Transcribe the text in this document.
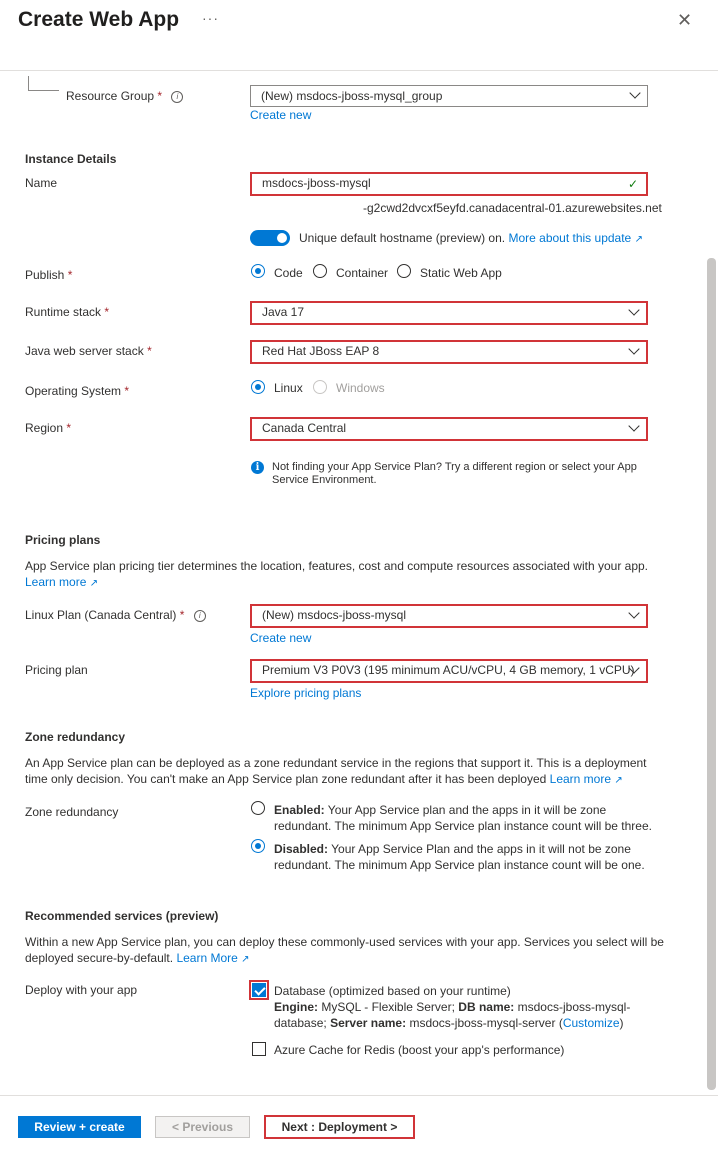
Create Web App ···	✕
Resource Group * i	(New) msdocs-jboss-mysql_group
Create new
Instance Details
Name	msdocs-jboss-mysql	✓
-g2cwd2dvcxf5eyfd.canadacentral-01.azurewebsites.net
Unique default hostname (preview) on. More about this update ↗
Publish *	Code	Container	Static Web App
Runtime stack *	Java 17
Java web server stack *	Red Hat JBoss EAP 8
Operating System *	Linux	Windows
Region *	Canada Central
i	Not finding your App Service Plan? Try a different region or select your App
Service Environment.
Pricing plans
App Service plan pricing tier determines the location, features, cost and compute resources associated with your app.
Learn more ↗
Linux Plan (Canada Central) * i	(New) msdocs-jboss-mysql
Create new
Pricing plan	Premium V3 P0V3 (195 minimum ACU/vCPU, 4 GB memory, 1 vCPU)
Explore pricing plans
Zone redundancy
An App Service plan can be deployed as a zone redundant service in the regions that support it. This is a deployment
time only decision. You can't make an App Service plan zone redundant after it has been deployed Learn more ↗
Zone redundancy	Enabled: Your App Service plan and the apps in it will be zone
redundant. The minimum App Service plan instance count will be three.
Disabled: Your App Service Plan and the apps in it will not be zone
redundant. The minimum App Service plan instance count will be one.
Recommended services (preview)
Within a new App Service plan, you can deploy these commonly-used services with your app. Services you select will be
deployed secure-by-default. Learn More ↗
Deploy with your app	Database (optimized based on your runtime)
Engine: MySQL - Flexible Server; DB name: msdocs-jboss-mysql-
database; Server name: msdocs-jboss-mysql-server (Customize)
Azure Cache for Redis (boost your app's performance)
Review + create	< Previous	Next : Deployment >
